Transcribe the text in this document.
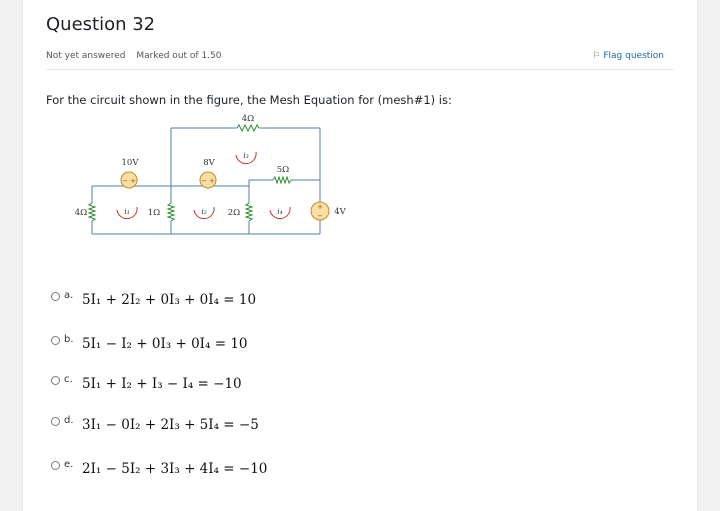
Question 32
Not yet answered Marked out of 1.50	⚐ Flag question
For the circuit shown in the figure, the Mesh Equation for (mesh#1) is:
− +	− +
+
−
4Ω
5Ω
4Ω	1Ω	2Ω
10V	8V
4V
i₁	i₂
i₃
i₄
a. 5I₁ + 2I₂ + 0I₃ + 0I₄ = 10
b. 5I₁ − I₂ + 0I₃ + 0I₄ = 10
c. 5I₁ + I₂ + I₃ − I₄ = −10
d. 3I₁ − 0I₂ + 2I₃ + 5I₄ = −5
e. 2I₁ − 5I₂ + 3I₃ + 4I₄ = −10
